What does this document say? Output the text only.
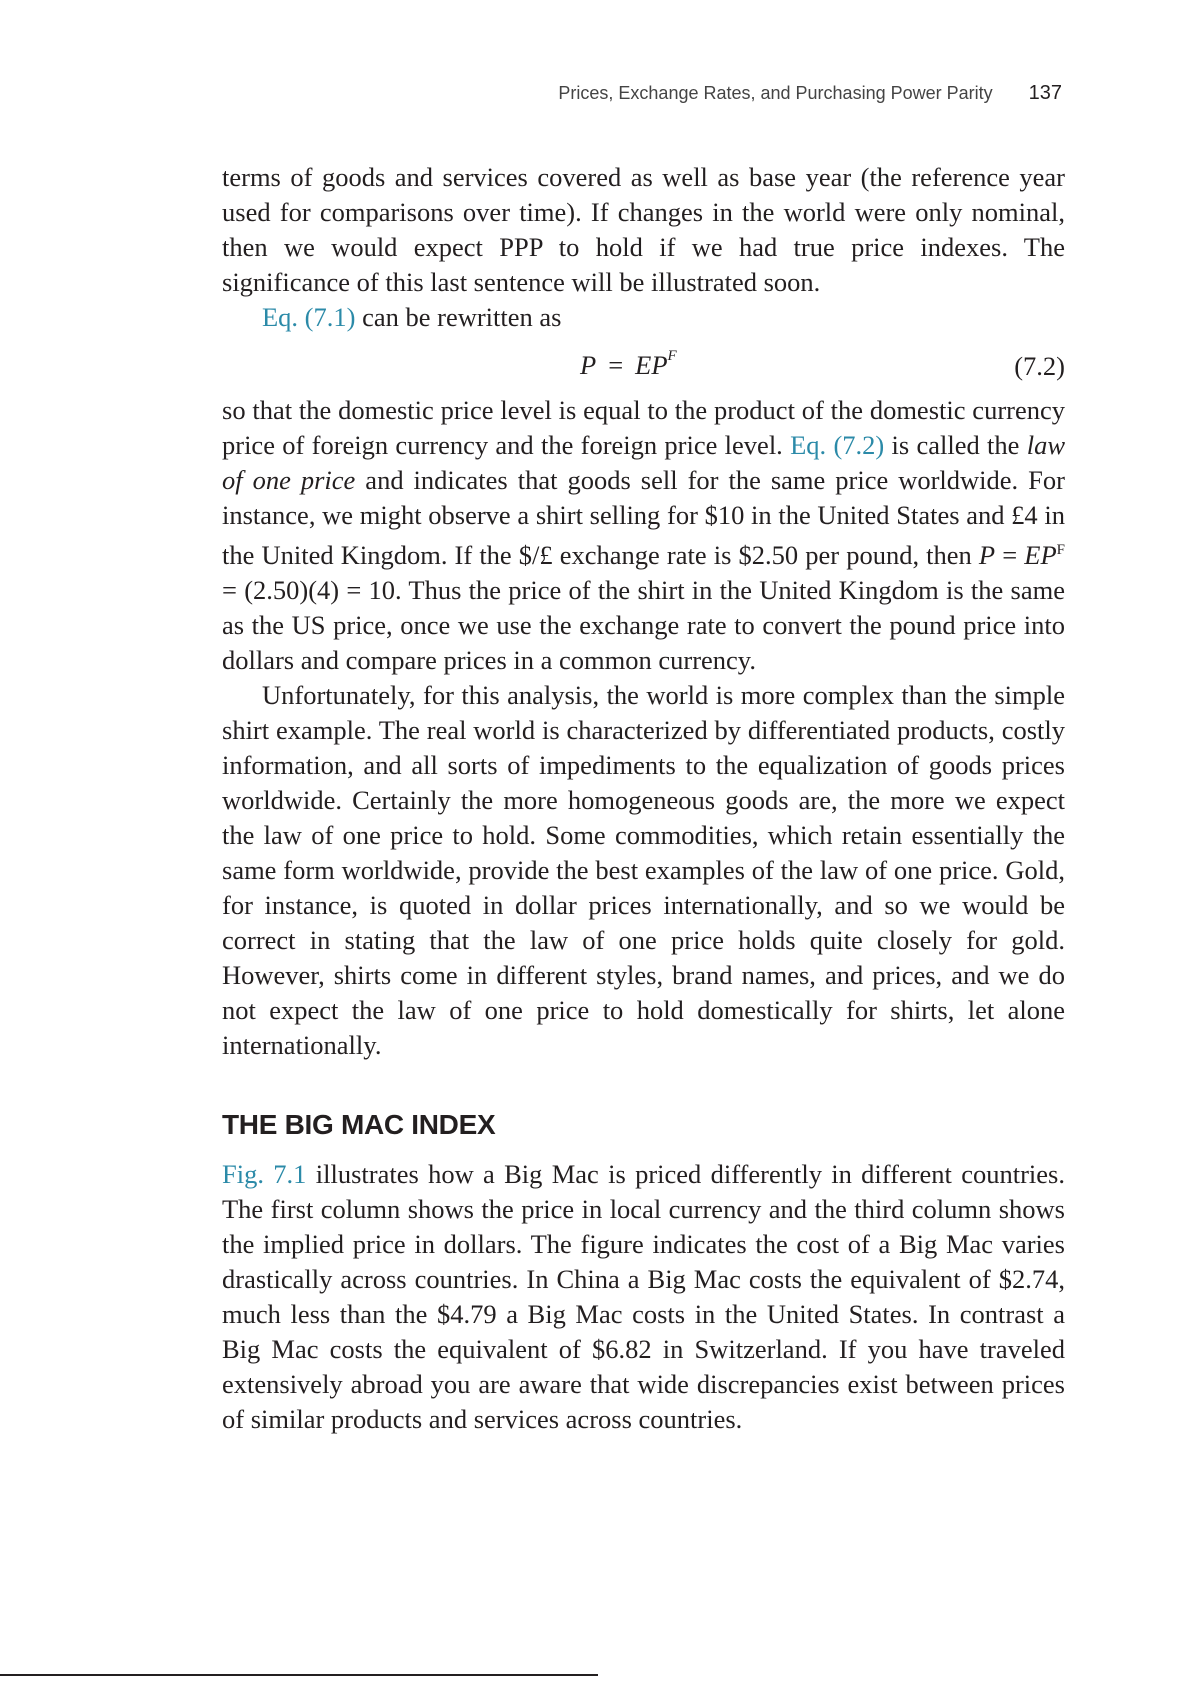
Prices, Exchange Rates, and Purchasing Power Parity 137

terms of goods and services covered as well as base year (the reference year used for comparisons over time). If changes in the world were only nominal, then we would expect PPP to hold if we had true price indexes. The significance of this last sentence will be illustrated soon.

Eq. (7.1) can be rewritten as

$P = EP^F$	(7.2)

so that the domestic price level is equal to the product of the domestic currency price of foreign currency and the foreign price level. Eq. (7.2) is called the law of one price and indicates that goods sell for the same price worldwide. For instance, we might observe a shirt selling for $10 in the United States and £4 in the United Kingdom. If the $/£ exchange rate is $2.50 per pound, then $P = EP^F = (2.50)(4) = 10$. Thus the price of the shirt in the United Kingdom is the same as the US price, once we use the exchange rate to convert the pound price into dollars and compare prices in a common currency.

Unfortunately, for this analysis, the world is more complex than the simple shirt example. The real world is characterized by differentiated products, costly information, and all sorts of impediments to the equalization of goods prices worldwide. Certainly the more homogeneous goods are, the more we expect the law of one price to hold. Some commodities, which retain essentially the same form worldwide, provide the best examples of the law of one price. Gold, for instance, is quoted in dollar prices internationally, and so we would be correct in stating that the law of one price holds quite closely for gold. However, shirts come in different styles, brand names, and prices, and we do not expect the law of one price to hold domestically for shirts, let alone internationally.

THE BIG MAC INDEX

Fig. 7.1 illustrates how a Big Mac is priced differently in different countries. The first column shows the price in local currency and the third column shows the implied price in dollars. The figure indicates the cost of a Big Mac varies drastically across countries. In China a Big Mac costs the equivalent of $2.74, much less than the $4.79 a Big Mac costs in the United States. In contrast a Big Mac costs the equivalent of $6.82 in Switzerland. If you have traveled extensively abroad you are aware that wide discrepancies exist between prices of similar products and services across countries.
